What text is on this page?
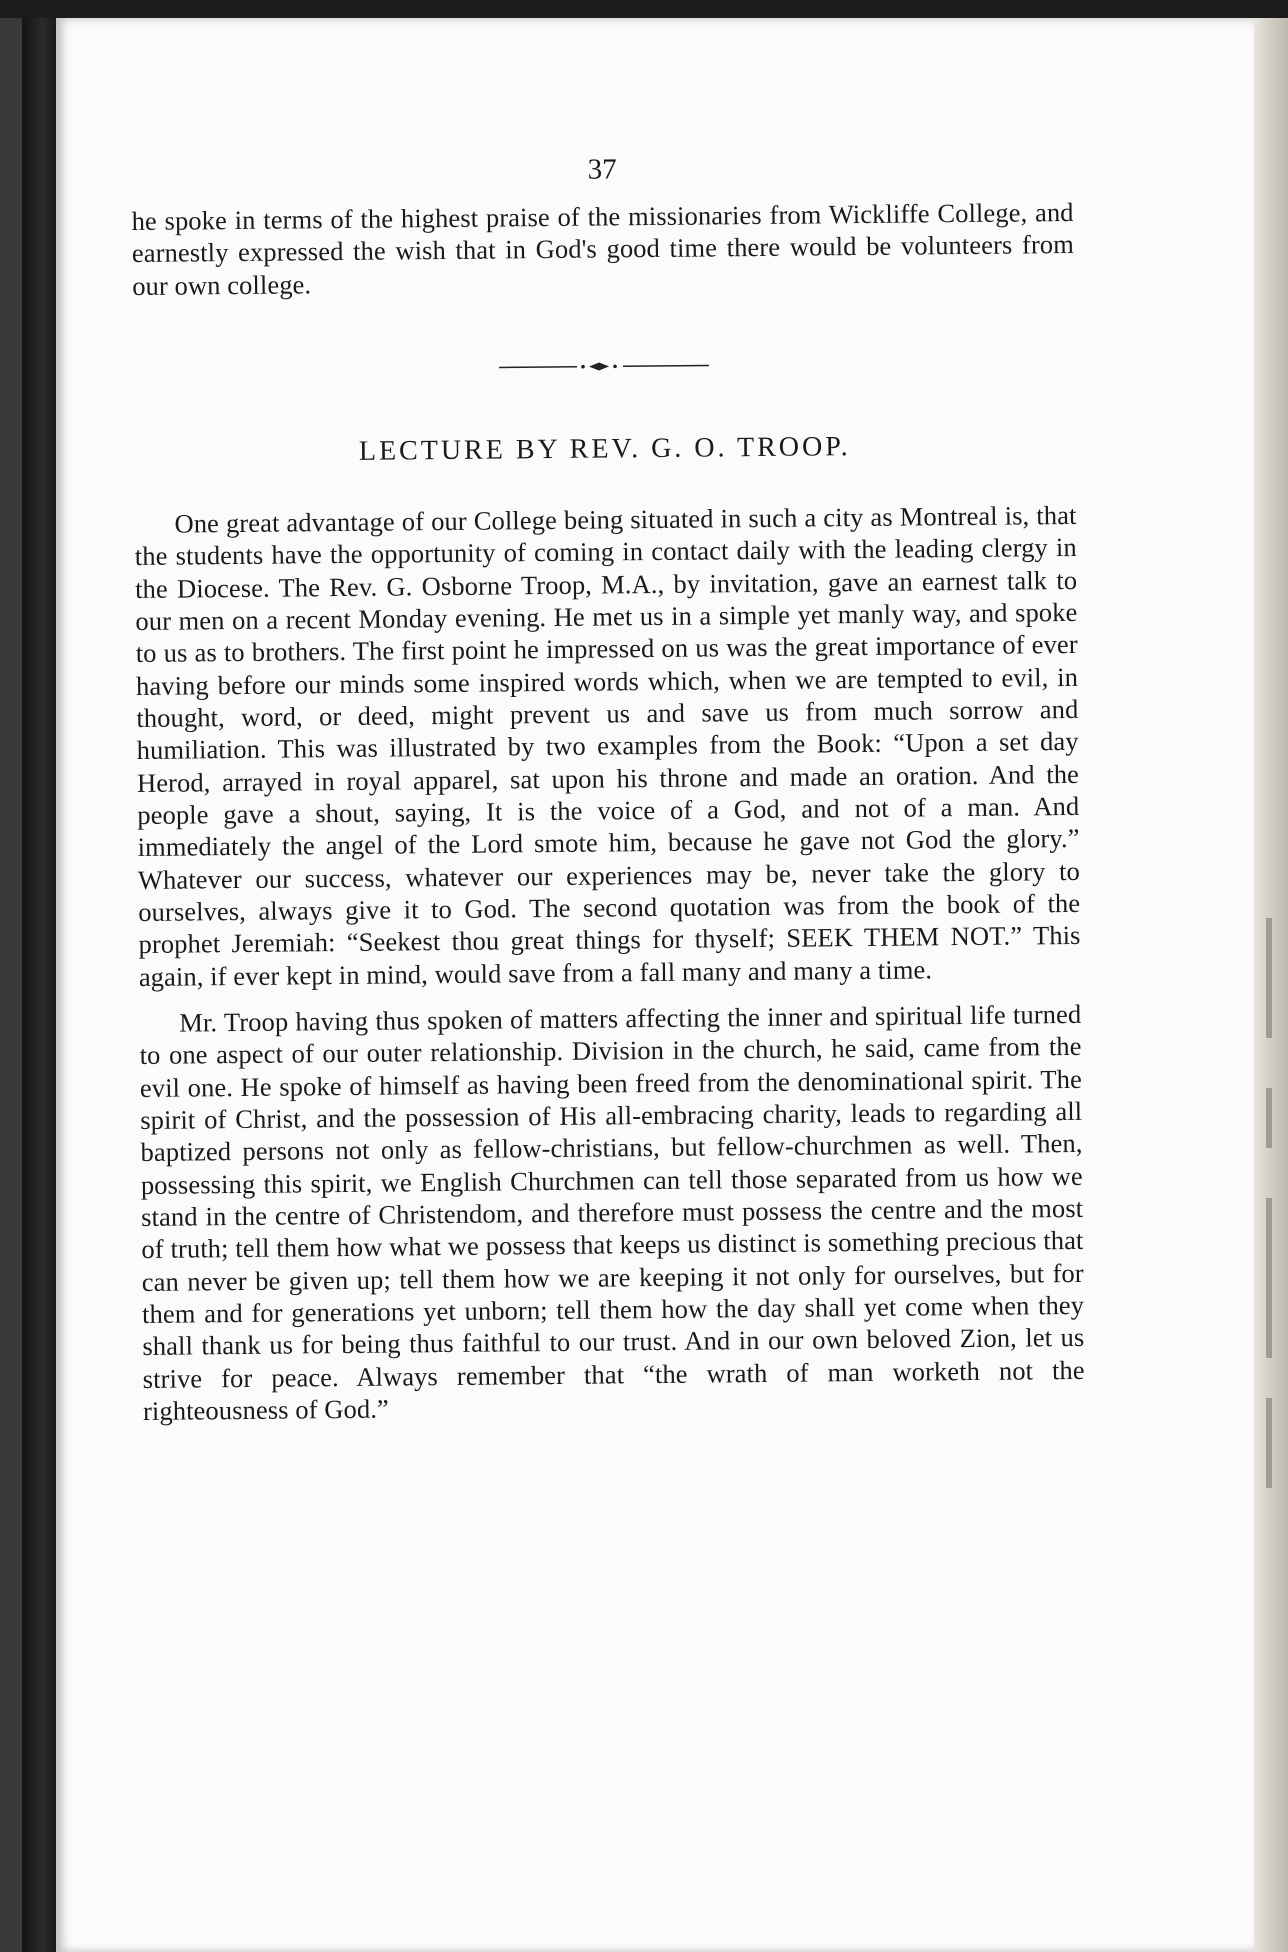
37

he spoke in terms of the highest praise of the missionaries from Wickliffe College, and earnestly expressed the wish that in God's good time there would be volunteers from our own college.

LECTURE BY REV. G. O. TROOP.

One great advantage of our College being situated in such a city as Montreal is, that the students have the opportunity of coming in contact daily with the leading clergy in the Diocese. The Rev. G. Osborne Troop, M.A., by invitation, gave an earnest talk to our men on a recent Monday evening. He met us in a simple yet manly way, and spoke to us as to brothers. The first point he impressed on us was the great importance of ever having before our minds some inspired words which, when we are tempted to evil, in thought, word, or deed, might prevent us and save us from much sorrow and humiliation. This was illustrated by two examples from the Book: “Upon a set day Herod, arrayed in royal apparel, sat upon his throne and made an oration. And the people gave a shout, saying, It is the voice of a God, and not of a man. And immediately the angel of the Lord smote him, because he gave not God the glory.” Whatever our success, whatever our experiences may be, never take the glory to ourselves, always give it to God. The second quotation was from the book of the prophet Jeremiah: “Seekest thou great things for thyself; SEEK THEM NOT.” This again, if ever kept in mind, would save from a fall many and many a time.

Mr. Troop having thus spoken of matters affecting the inner and spiritual life turned to one aspect of our outer relationship. Division in the church, he said, came from the evil one. He spoke of himself as having been freed from the denominational spirit. The spirit of Christ, and the possession of His all-embracing charity, leads to regarding all baptized persons not only as fellow-christians, but fellow-churchmen as well. Then, possessing this spirit, we English Churchmen can tell those separated from us how we stand in the centre of Christendom, and therefore must possess the centre and the most of truth; tell them how what we possess that keeps us distinct is something precious that can never be given up; tell them how we are keeping it not only for ourselves, but for them and for generations yet unborn; tell them how the day shall yet come when they shall thank us for being thus faithful to our trust. And in our own beloved Zion, let us strive for peace. Always remember that “the wrath of man worketh not the righteousness of God.”
